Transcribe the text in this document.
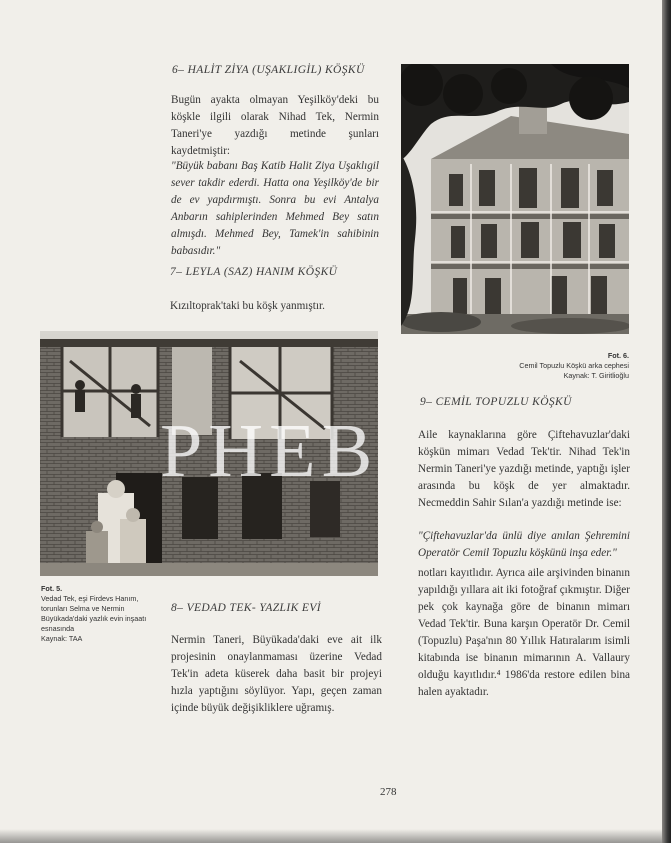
6– HALİT ZİYA (UŞAKLIGİL) KÖŞKÜ
Bugün ayakta olmayan Yeşilköy'deki bu köşkle ilgili olarak Nihad Tek, Nermin Taneri'ye yazdığı metinde şunları kaydetmiştir:
"Büyük babanı Baş Katib Halit Ziya Uşaklıgil sever takdir ederdi. Hatta ona Yeşilköy'de bir de ev yapdırmıştı. Sonra bu evi Antalya Anbarın sahiplerinden Mehmed Bey satın almışdı. Mehmed Bey, Tamek'in sahibinin babasıdır."
7– LEYLA (SAZ) HANIM KÖŞKÜ
Kızıltoprak'taki bu köşk yanmıştır.
Fot. 5.
Vedad Tek, eşi Firdevs Hanım, torunları Selma ve Nermin Büyükada'daki yazlık evin inşaatı esnasında
Kaynak: TAA
8– VEDAD TEK- YAZLIK EVİ
Nermin Taneri, Büyükada'daki eve ait ilk projesinin onaylanmaması üzerine Vedad Tek'in adeta küserek daha basit bir projeyi hızla yaptığını söylüyor. Yapı, geçen zaman içinde büyük değişikliklere uğramış.
Fot. 6.
Cemil Topuzlu Köşkü arka cephesi
Kaynak: T. Giritlioğlu
9– CEMİL TOPUZLU KÖŞKÜ
Aile kaynaklarına göre Çiftehavuzlar'daki köşkün mimarı Vedad Tek'tir. Nihad Tek'in Nermin Taneri'ye yazdığı metinde, yaptığı işler arasında bu köşk de yer almaktadır. Necmeddin Sahir Sılan'a yazdığı metinde ise:
"Çiftehavuzlar'da ünlü diye anılan Şehremini Operatör Cemil Topuzlu köşkünü inşa eder."
notları kayıtlıdır. Ayrıca aile arşivinden binanın yapıldığı yıllara ait iki fotoğraf çıkmıştır. Diğer pek çok kaynağa göre de binanın mimarı Vedad Tek'tir. Buna karşın Operatör Dr. Cemil (Topuzlu) Paşa'nın 80 Yıllık Hatıralarım isimli kitabında ise binanın mimarının A. Vallaury olduğu kayıtlıdır.⁴ 1986'da restore edilen bina halen ayaktadır.
PHEB
278
